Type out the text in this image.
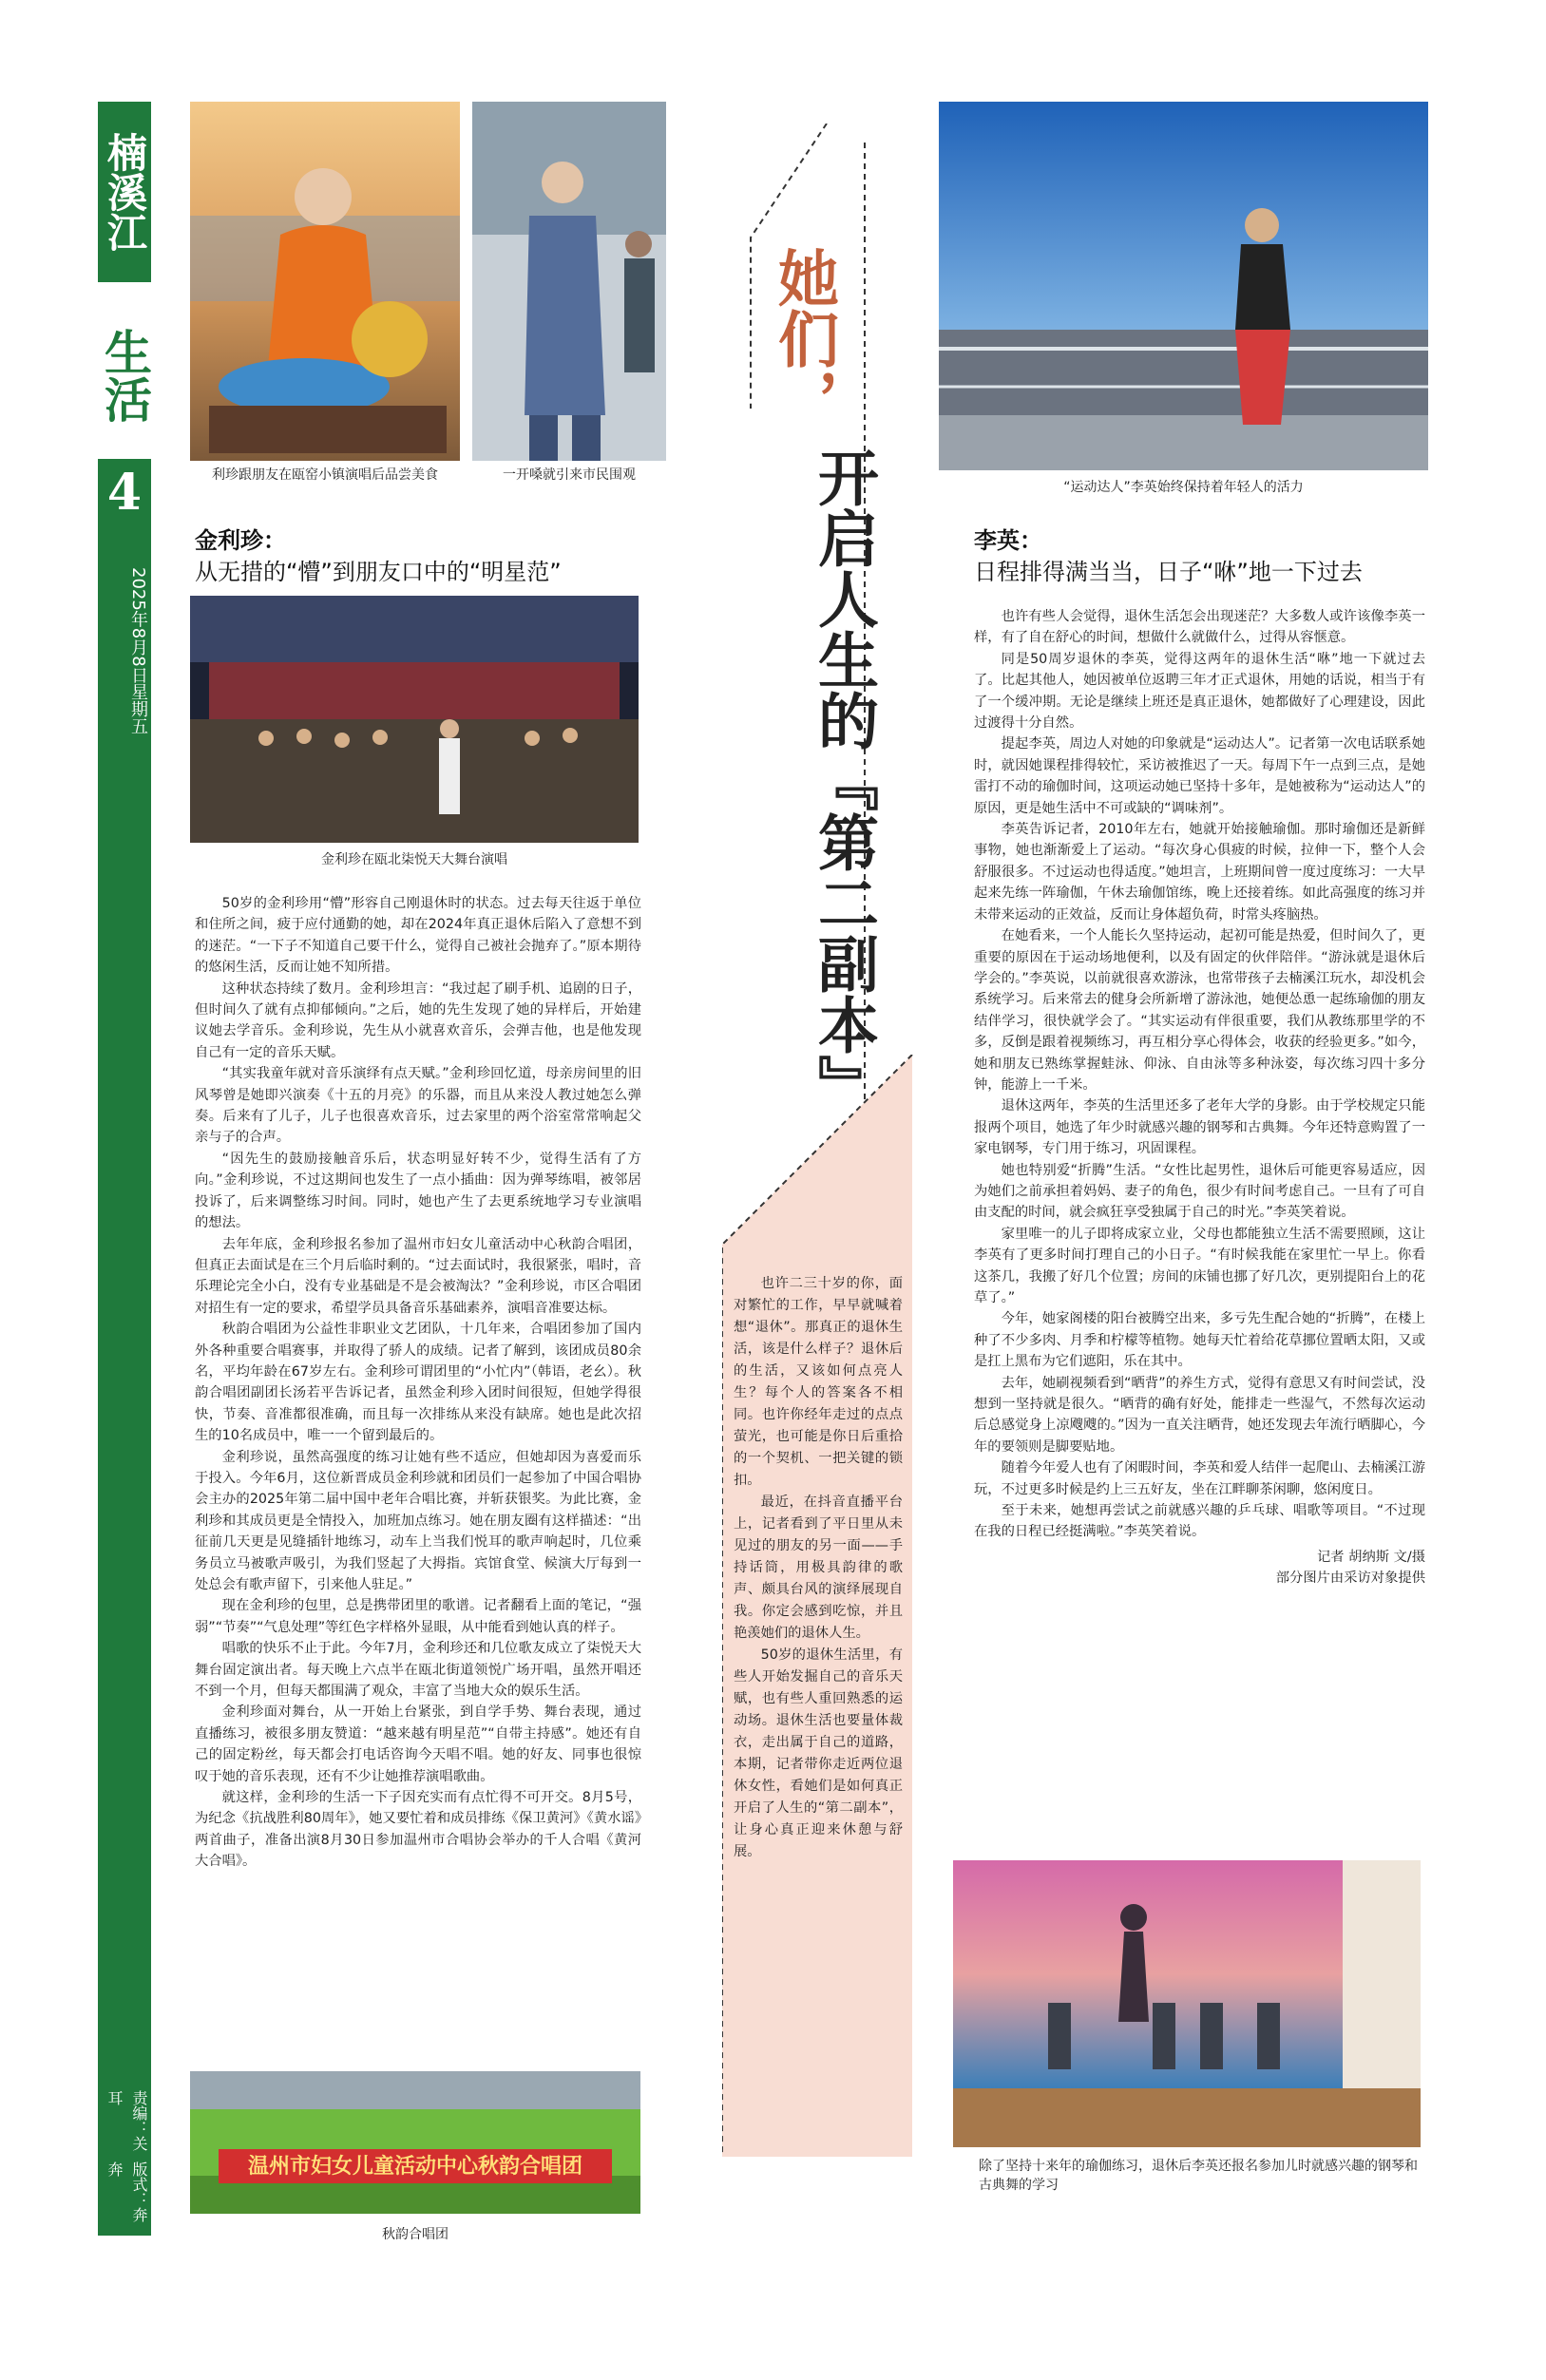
楠溪江
生活
4
2025年8月8日
星期五
责编：关耳
版式：奔奔
利珍跟朋友在瓯窑小镇演唱后品尝美食	一开嗓就引来市民围观
金利珍：
从无措的“懵”到朋友口中的“明星范”
金利珍在瓯北柒悦天大舞台演唱

50岁的金利珍用“懵”形容自己刚退休时的状态。过去每天往返于单位和住所之间，疲于应付通勤的她，却在2024年真正退休后陷入了意想不到的迷茫。“一下子不知道自己要干什么，觉得自己被社会抛弃了。”原本期待的悠闲生活，反而让她不知所措。

这种状态持续了数月。金利珍坦言：“我过起了刷手机、追剧的日子，但时间久了就有点抑郁倾向。”之后，她的先生发现了她的异样后，开始建议她去学音乐。金利珍说，先生从小就喜欢音乐，会弹吉他，也是他发现自己有一定的音乐天赋。

“其实我童年就对音乐演绎有点天赋。”金利珍回忆道，母亲房间里的旧风琴曾是她即兴演奏《十五的月亮》的乐器，而且从来没人教过她怎么弹奏。后来有了儿子，儿子也很喜欢音乐，过去家里的两个浴室常常响起父亲与子的合声。

“因先生的鼓励接触音乐后，状态明显好转不少，觉得生活有了方向。”金利珍说，不过这期间也发生了一点小插曲：因为弹琴练唱，被邻居投诉了，后来调整练习时间。同时，她也产生了去更系统地学习专业演唱的想法。

去年年底，金利珍报名参加了温州市妇女儿童活动中心秋韵合唱团，但真正去面试是在三个月后临时剩的。“过去面试时，我很紧张，唱时，音乐理论完全小白，没有专业基础是不是会被淘汰？”金利珍说，市区合唱团对招生有一定的要求，希望学员具备音乐基础素养，演唱音准要达标。

秋韵合唱团为公益性非职业文艺团队，十几年来，合唱团参加了国内外各种重要合唱赛事，并取得了骄人的成绩。记者了解到，该团成员80余名，平均年龄在67岁左右。金利珍可谓团里的“小忙内”（韩语，老幺）。秋韵合唱团副团长汤若平告诉记者，虽然金利珍入团时间很短，但她学得很快，节奏、音准都很准确，而且每一次排练从来没有缺席。她也是此次招生的10名成员中，唯一一个留到最后的。

金利珍说，虽然高强度的练习让她有些不适应，但她却因为喜爱而乐于投入。今年6月，这位新晋成员金利珍就和团员们一起参加了中国合唱协会主办的2025年第二届中国中老年合唱比赛，并斩获银奖。为此比赛，金利珍和其成员更是全情投入，加班加点练习。她在朋友圈有这样描述：“出征前几天更是见缝插针地练习，动车上当我们悦耳的歌声响起时，几位乘务员立马被歌声吸引，为我们竖起了大拇指。宾馆食堂、候演大厅每到一处总会有歌声留下，引来他人驻足。”

现在金利珍的包里，总是携带团里的歌谱。记者翻看上面的笔记，“强弱”“节奏”“气息处理”等红色字样格外显眼，从中能看到她认真的样子。

唱歌的快乐不止于此。今年7月，金利珍还和几位歌友成立了柒悦天大舞台固定演出者。每天晚上六点半在瓯北街道领悦广场开唱，虽然开唱还不到一个月，但每天都围满了观众，丰富了当地大众的娱乐生活。

金利珍面对舞台，从一开始上台紧张，到自学手势、舞台表现，通过直播练习，被很多朋友赞道：“越来越有明星范”“自带主持感”。她还有自己的固定粉丝，每天都会打电话咨询今天唱不唱。她的好友、同事也很惊叹于她的音乐表现，还有不少让她推荐演唱歌曲。

就这样，金利珍的生活一下子因充实而有点忙得不可开交。8月5号，为纪念《抗战胜利80周年》，她又要忙着和成员排练《保卫黄河》《黄水谣》两首曲子，准备出演8月30日参加温州市合唱协会举办的千人合唱《黄河大合唱》。

温州市妇女儿童活动中心秋韵合唱团
秋韵合唱团
她们，
开启人生的『第二副本』

也许二三十岁的你，面对繁忙的工作，早早就喊着想“退休”。那真正的退休生活，该是什么样子？退休后的生活，又该如何点亮人生？每个人的答案各不相同。也许你经年走过的点点萤光，也可能是你日后重拾的一个契机、一把关键的锁扣。

最近，在抖音直播平台上，记者看到了平日里从未见过的朋友的另一面——手持话筒，用极具韵律的歌声、颇具台风的演绎展现自我。你定会感到吃惊，并且艳羡她们的退休人生。

50岁的退休生活里，有些人开始发掘自己的音乐天赋，也有些人重回熟悉的运动场。退休生活也要量体裁衣，走出属于自己的道路，本期，记者带你走近两位退休女性，看她们是如何真正开启了人生的“第二副本”，让身心真正迎来休憩与舒展。

“运动达人”李英始终保持着年轻人的活力
李英：
日程排得满当当，日子“咻”地一下过去

也许有些人会觉得，退休生活怎会出现迷茫？大多数人或许该像李英一样，有了自在舒心的时间，想做什么就做什么，过得从容惬意。

同是50周岁退休的李英，觉得这两年的退休生活“咻”地一下就过去了。比起其他人，她因被单位返聘三年才正式退休，用她的话说，相当于有了一个缓冲期。无论是继续上班还是真正退休，她都做好了心理建设，因此过渡得十分自然。

提起李英，周边人对她的印象就是“运动达人”。记者第一次电话联系她时，就因她课程排得较忙，采访被推迟了一天。每周下午一点到三点，是她雷打不动的瑜伽时间，这项运动她已坚持十多年，是她被称为“运动达人”的原因，更是她生活中不可或缺的“调味剂”。

李英告诉记者，2010年左右，她就开始接触瑜伽。那时瑜伽还是新鲜事物，她也渐渐爱上了运动。“每次身心俱疲的时候，拉伸一下，整个人会舒服很多。不过运动也得适度。”她坦言，上班期间曾一度过度练习：一大早起来先练一阵瑜伽，午休去瑜伽馆练，晚上还接着练。如此高强度的练习并未带来运动的正效益，反而让身体超负荷，时常头疼脑热。

在她看来，一个人能长久坚持运动，起初可能是热爱，但时间久了，更重要的原因在于运动场地便利，以及有固定的伙伴陪伴。“游泳就是退休后学会的。”李英说，以前就很喜欢游泳，也常带孩子去楠溪江玩水，却没机会系统学习。后来常去的健身会所新增了游泳池，她便怂恿一起练瑜伽的朋友结伴学习，很快就学会了。“其实运动有伴很重要，我们从教练那里学的不多，反倒是跟着视频练习，再互相分享心得体会，收获的经验更多。”如今，她和朋友已熟练掌握蛙泳、仰泳、自由泳等多种泳姿，每次练习四十多分钟，能游上一千米。

退休这两年，李英的生活里还多了老年大学的身影。由于学校规定只能报两个项目，她选了年少时就感兴趣的钢琴和古典舞。今年还特意购置了一家电钢琴，专门用于练习，巩固课程。

她也特别爱“折腾”生活。“女性比起男性，退休后可能更容易适应，因为她们之前承担着妈妈、妻子的角色，很少有时间考虑自己。一旦有了可自由支配的时间，就会疯狂享受独属于自己的时光。”李英笑着说。

家里唯一的儿子即将成家立业，父母也都能独立生活不需要照顾，这让李英有了更多时间打理自己的小日子。“有时候我能在家里忙一早上。你看这茶几，我搬了好几个位置；房间的床铺也挪了好几次，更别提阳台上的花草了。”

今年，她家阁楼的阳台被腾空出来，多亏先生配合她的“折腾”，在楼上种了不少多肉、月季和柠檬等植物。她每天忙着给花草挪位置晒太阳，又或是扛上黑布为它们遮阳，乐在其中。

去年，她刷视频看到“晒背”的养生方式，觉得有意思又有时间尝试，没想到一坚持就是很久。“晒背的确有好处，能排走一些湿气，不然每次运动后总感觉身上凉飕飕的。”因为一直关注晒背，她还发现去年流行晒脚心，今年的要领则是脚要贴地。

随着今年爱人也有了闲暇时间，李英和爱人结伴一起爬山、去楠溪江游玩，不过更多时候是约上三五好友，坐在江畔聊茶闲聊，悠闲度日。

至于未来，她想再尝试之前就感兴趣的乒乓球、唱歌等项目。“不过现在我的日程已经挺满啦。”李英笑着说。

记者 胡纳斯 文/摄
部分图片由采访对象提供
除了坚持十来年的瑜伽练习，退休后李英还报名参加儿时就感兴趣的钢琴和古典舞的学习
